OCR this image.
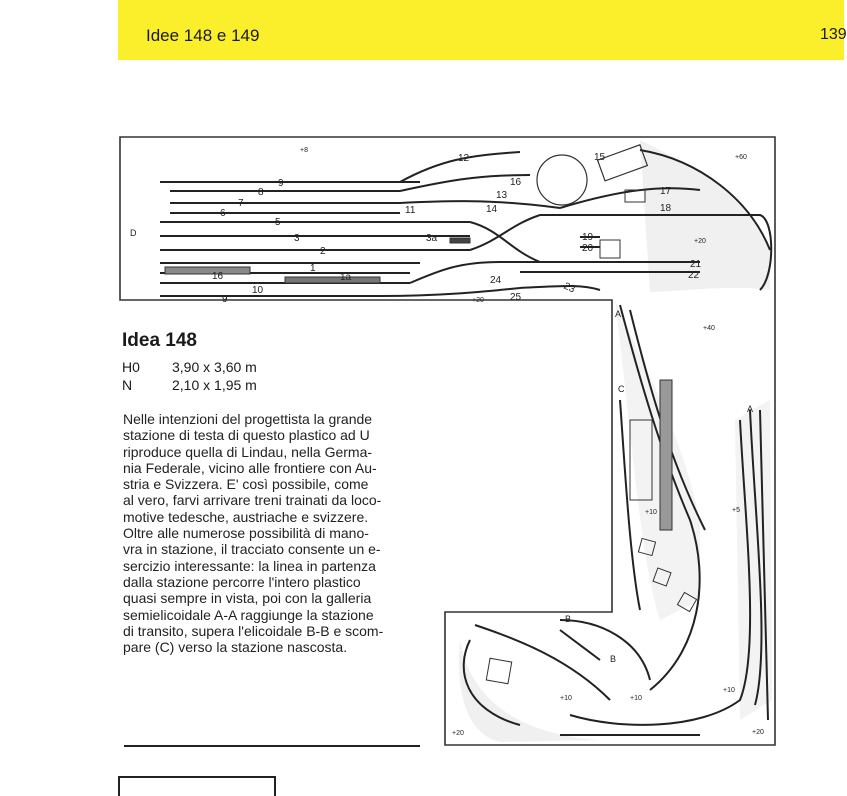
Idee 148 e 149	139
9
8
7
6
5
3
2
1
1a
16
10
9
11
3a
12
13
14
15
16
17
18
19
20
21
22
23
24
25
D
C
A
A
B
B
+8
+10
+10
+5
+20
+40
+60
+20	+20
+20
+10	+10
Idea 148
H0	3,90 x 3,60 m
N	2,10 x 1,95 m
Nelle intenzioni del progettista la grande
stazione di testa di questo plastico ad U
riproduce quella di Lindau, nella Germa-
nia Federale, vicino alle frontiere con Au-
stria e Svizzera. E' così possibile, come
al vero, farvi arrivare treni trainati da loco-
motive tedesche, austriache e svizzere.
Oltre alle numerose possibilità di mano-
vra in stazione, il tracciato consente un e-
sercizio interessante: la linea in partenza
dalla stazione percorre l'intero plastico
quasi sempre in vista, poi con la galleria
semielicoidale A-A raggiunge la stazione
di transito, supera l'elicoidale B-B e scom-
pare (C) verso la stazione nascosta.
